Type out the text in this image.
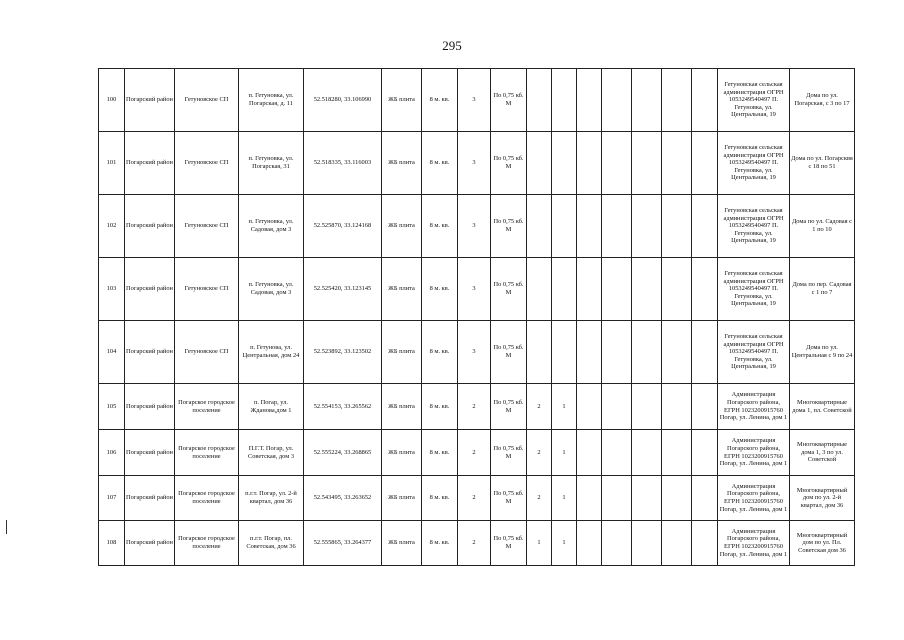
295
100	Погарский район	Гетуновское СП	п. Гетуновка, ул. Погарская, д. 11	52.518280, 33.106990	ЖБ плита	8 м. кв.	3	По 0,75 кб. М								Гетуновская сельская администрация ОГРН 1053249540497 П. Гетуновка, ул. Центральная, 19	Дома по ул. Погарская, с 3 по 17
101	Погарский район	Гетуновское СП	п. Гетуновка, ул. Погарская, 31	52.518335, 33.116003	ЖБ плита	8 м. кв.	3	По 0,75 кб. М								Гетуновская сельская администрация ОГРН 1053249540497 П. Гетуновка, ул. Центральная, 19	Дома по ул. Погарсквя с 18 по 51
102	Погарский район	Гетуновское СП	п. Гетуновка, ул. Садовая, дом 3	52.525870, 33.124168	ЖБ плита	8 м. кв.	3	По 0,75 кб. М								Гетуновская сельская администрация ОГРН 1053249540497 П. Гетуновка, ул. Центральная, 19	Дома по ул. Садовая с 1 по 10
103	Погарский район	Гетуновское СП	п. Гетуновка, ул. Садовая, дом 3	52.525420, 33.123145	ЖБ плита	8 м. кв.	3	По 0,75 кб. М								Гетуновская сельская администрация ОГРН 1053249540497 П. Гетуновка, ул. Центральная, 19	Дома по пер. Садовая с 1 по 7
104	Погарский район	Гетуновское СП	п. Гетунова, ул. Центральная, дом 24	52.523892, 33.123502	ЖБ плита	8 м. кв.	3	По 0,75 кб. М								Гетуновская сельская администрация ОГРН 1053249540497 П. Гетуновка, ул. Центральная, 19	Дома по ул. Центральная с 9 по 24
105	Погарский район	Погарское городское поселение	п. Погар, ул. Жданова,дом 1	52.554153, 33.265562	ЖБ плита	8 м. кв.	2	По 0,75 кб. М	2	1						Администрация Погарского района, ЕГРН 1023200915760 Погар, ул. Ленина, дом 1	Многоквартирные дома 1, пл. Советской
106	Погарский район	Погарское городское поселение	П.Г.Т. Погар, ул. Советская, дом 3	52.555224, 33.268865	ЖБ плита	8 м. кв.	2	По 0,75 кб. М	2	1						Администрация Погарского района, ЕГРН 1023200915760 Погар, ул. Ленина, дом 1	Многоквартирные дома 1, 3 по ул. Советской
107	Погарский район	Погарское городское поселение	п.г.т. Погар, ул. 2-й квартал, дом 36	52.543495, 33.263652	ЖБ плита	8 м. кв.	2	По 0,75 кб. М	2	1						Администрация Погарского района, ЕГРН 1023200915760 Погар, ул. Ленина, дом 1	Многоквартирный дом по ул. 2-й квартал, дом 36
108	Погарский район	Погарское городское поселение	п.г.т. Погар, пл. Советская, дом 36	52.555865, 33.264377	ЖБ плита	8 м. кв.	2	По 0,75 кб. М	1	1						Администрация Погарского района, ЕГРН 1023200915760 Погар, ул. Ленина, дом 1	Многоквартирный дом по ул. Пл. Советская дом 36
